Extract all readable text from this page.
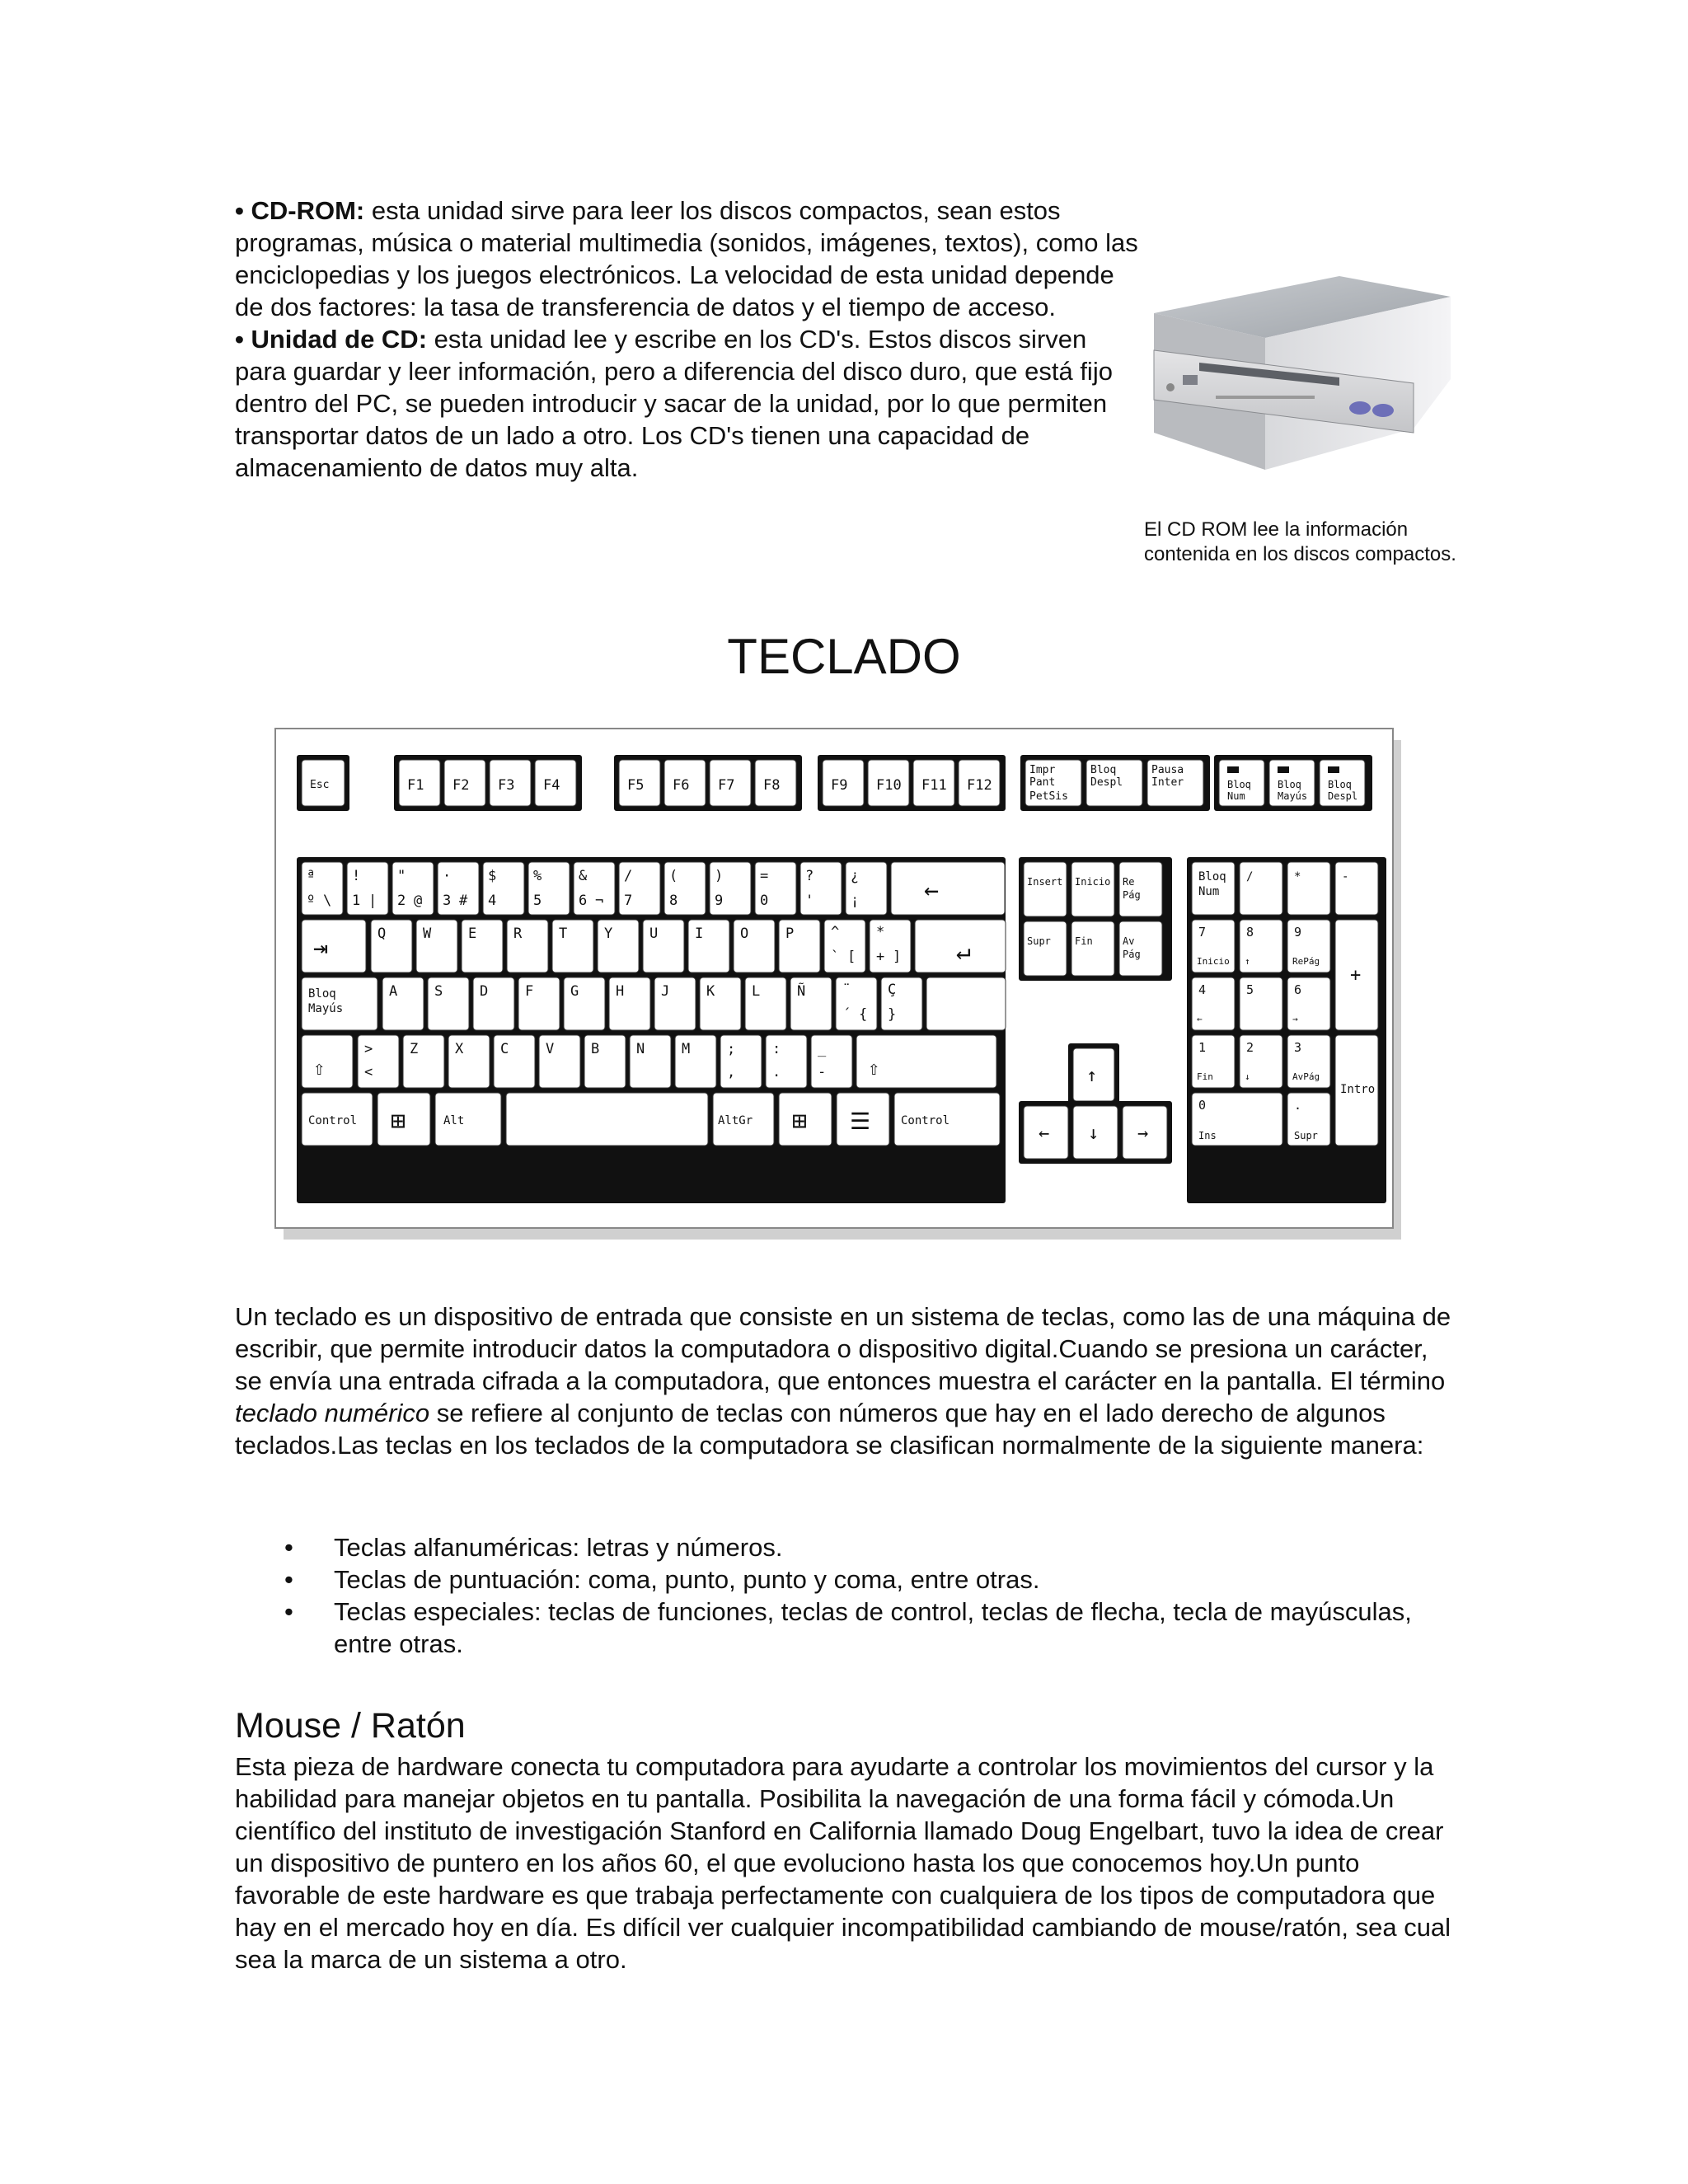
• CD-ROM: esta unidad sirve para leer los discos compactos, sean estos programas, música o material multimedia (sonidos, imágenes, textos), como las enciclopedias y los juegos electrónicos. La velocidad de esta unidad depende de dos factores: la tasa de transferencia de datos y el tiempo de acceso.
• Unidad de CD: esta unidad lee y escribe en los CD's. Estos discos sirven para guardar y leer información, pero a diferencia del disco duro, que está fijo dentro del PC, se pueden introducir y sacar de la unidad, por lo que permiten transportar datos de un lado a otro. Los CD's tienen una capacidad de almacenamiento de datos muy alta.
El CD ROM lee la información contenida en los discos compactos.
TECLADO
Esc	F1 F2 F3 F4	F5 F6 F7 F8	F9 F10 F11 F12
Impr
Pant
PetSis
Bloq
Despl
Pausa
Inter	Bloq
Num
Bloq
Mayús
Bloq
Despl
ª
º \
!
1 |
"
2 @
·
3 #
$
4
%
5
&
6 ¬
/
7
(
8
)
9
=
0
?
'
¿
¡	←
⇥	Q	W	E	R	T	Y	U	I	O	P	^
` [
*
+ ] ↵
Bloq
Mayús
A	S	D	F	G	H	J	K	L	Ñ	¨
´ {
Ç
}
⇧
>
<
Z	X	C	V	B	N	M	;
,
:
.
_
- ⇧
Control ⊞	Alt	AltGr ⊞ ☰	Control
Insert Inicio Re
Pág
Supr Fin	Av
Pág
↑
← ↓ →
Bloq
Num
/	*	-
7
Inicio
8
↑
9
RePág
4
←
5	6
→
1
Fin
2
↓
3
AvPág
+
0
Ins
.
Supr
Intro
Un teclado es un dispositivo de entrada que consiste en un sistema de teclas, como las de una máquina de escribir, que permite introducir datos la computadora o dispositivo digital.Cuando se presiona un carácter, se envía una entrada cifrada a la computadora, que entonces muestra el carácter en la pantalla. El término teclado numérico se refiere al conjunto de teclas con números que hay en el lado derecho de algunos teclados.Las teclas en los teclados de la computadora se clasifican normalmente de la siguiente manera:
• Teclas alfanuméricas: letras y números.
• Teclas de puntuación: coma, punto, punto y coma, entre otras.
• Teclas especiales: teclas de funciones, teclas de control, teclas de flecha, tecla de mayúsculas, entre otras.
Mouse / Ratón
Esta pieza de hardware conecta tu computadora para ayudarte a controlar los movimientos del cursor y la habilidad para manejar objetos en tu pantalla. Posibilita la navegación de una forma fácil y cómoda.Un científico del instituto de investigación Stanford en California llamado Doug Engelbart, tuvo la idea de crear un dispositivo de puntero en los años 60, el que evoluciono hasta los que conocemos hoy.Un punto favorable de este hardware es que trabaja perfectamente con cualquiera de los tipos de computadora que hay en el mercado hoy en día. Es difícil ver cualquier incompatibilidad cambiando de mouse/ratón, sea cual sea la marca de un sistema a otro.
